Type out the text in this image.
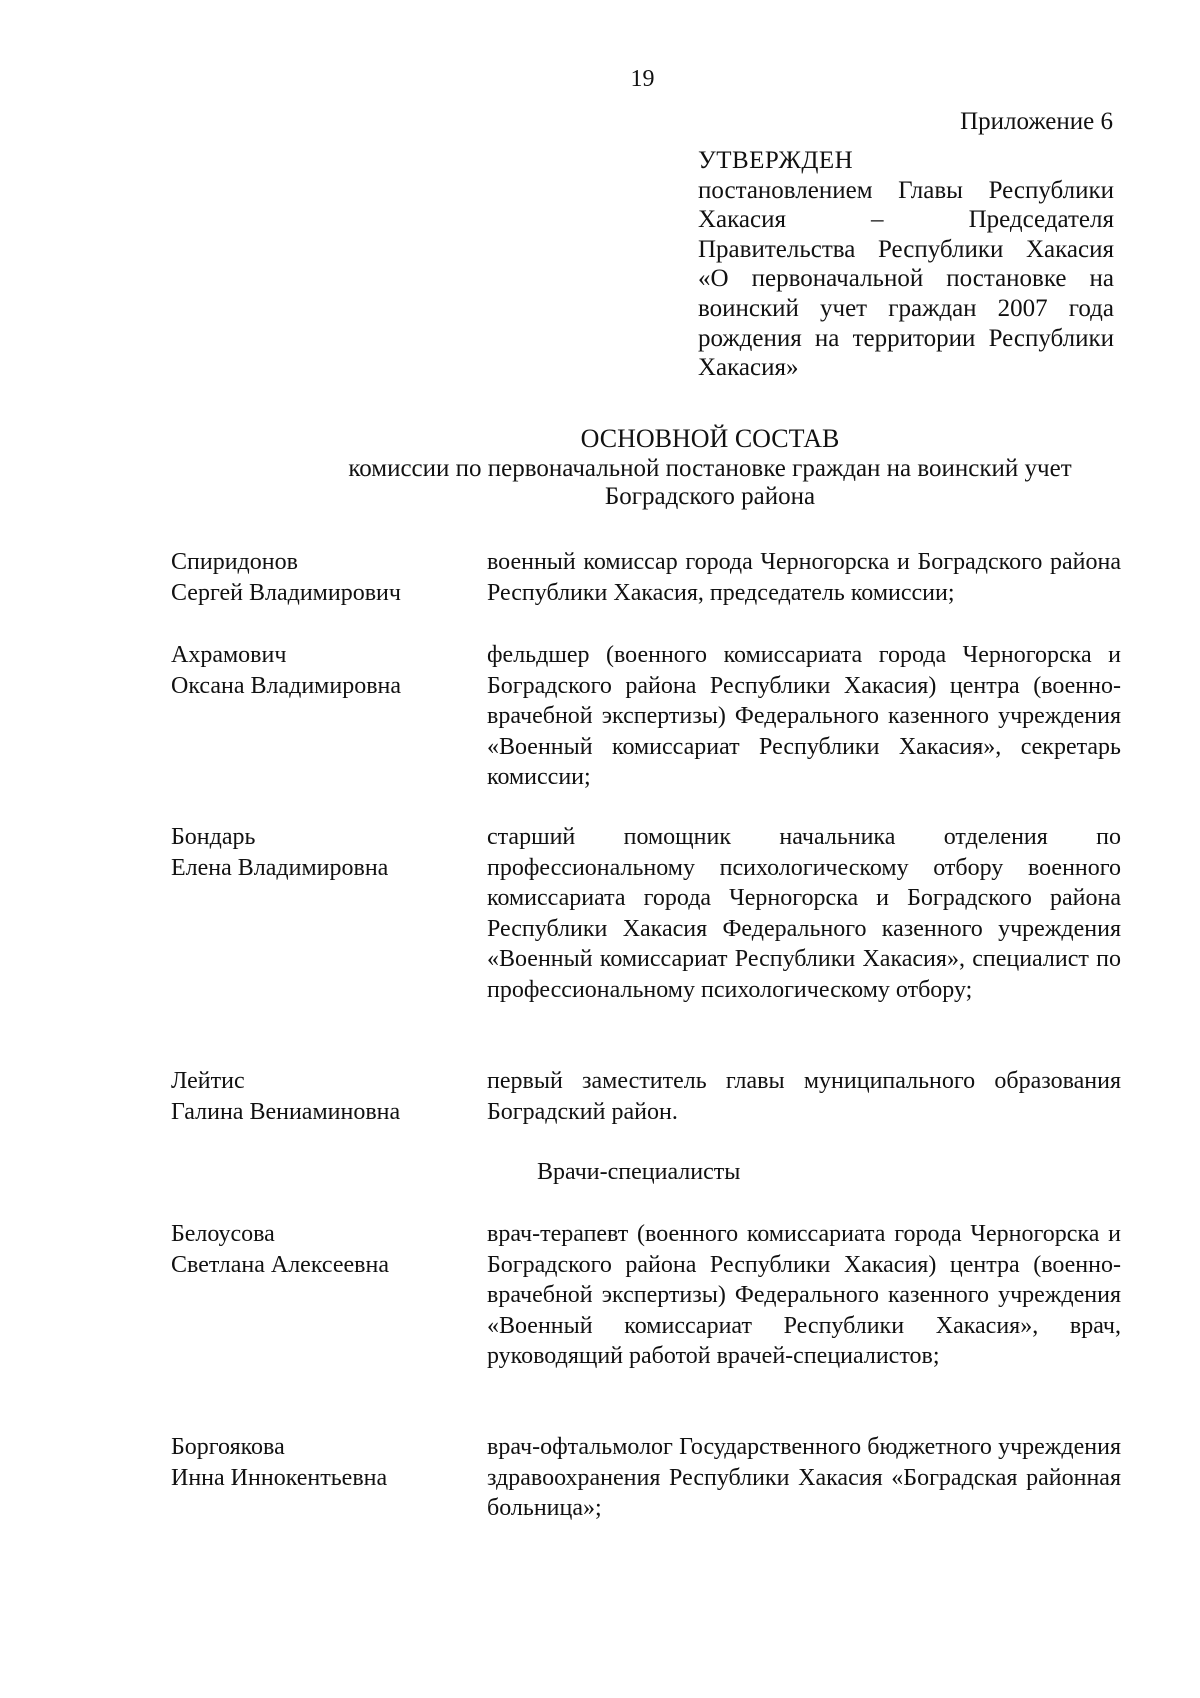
19
Приложение 6
УТВЕРЖДЕН
постановлением Главы Республики Хакасия – Председателя Правительства Республики Хакасия «О первоначальной постановке на воинский учет граждан 2007 года рождения на территории Республики Хакасия»
ОСНОВНОЙ СОСТАВ
комиссии по первоначальной постановке граждан на воинский учет
Боградского района
Спиридонов
Сергей Владимирович
военный комиссар города Черногорска и Боградского района Республики Хакасия, председатель комиссии;
Ахрамович
Оксана Владимировна
фельдшер (военного комиссариата города Черногорска и Боградского района Республики Хакасия) центра (военно-врачебной экспертизы) Федерального казенного учреждения «Военный комиссариат Республики Хакасия», секретарь комиссии;
Бондарь
Елена Владимировна
старший помощник начальника отделения по профессиональному психологическому отбору военного комиссариата города Черногорска и Боградского района Республики Хакасия Федерального казенного учреждения «Военный комиссариат Республики Хакасия», специалист по профессиональному психологическому отбору;
Лейтис
Галина Вениаминовна
первый заместитель главы муниципального образования Боградский район.
Врачи-специалисты
Белоусова
Светлана Алексеевна
врач-терапевт (военного комиссариата города Черногорска и Боградского района Республики Хакасия) центра (военно-врачебной экспертизы) Федерального казенного учреждения «Военный комиссариат Республики Хакасия», врач, руководящий работой врачей-специалистов;
Боргоякова
Инна Иннокентьевна
врач-офтальмолог Государственного бюджетного учреждения здравоохранения Республики Хакасия «Боградская районная больница»;
